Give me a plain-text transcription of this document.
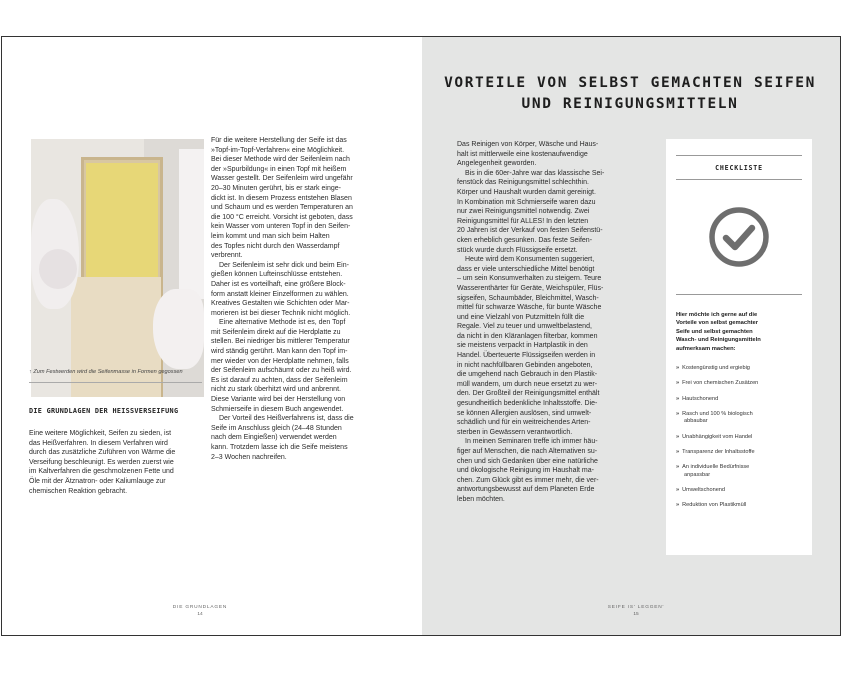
↑ Zum Festwerden wird die Seifenmasse in Formen gegossen
DIE GRUNDLAGEN DER HEISSVERSEIFUNG
Eine weitere Möglichkeit, Seifen zu sieden, ist
das Heißverfahren. In diesem Verfahren wird
durch das zusätzliche Zuführen von Wärme die
Verseifung beschleunigt. Es werden zuerst wie
im Kaltverfahren die geschmolzenen Fette und
Öle mit der Ätznatron- oder Kaliumlauge zur
chemischen Reaktion gebracht.
Für die weitere Herstellung der Seife ist das
»Topf-im-Topf-Verfahren« eine Möglichkeit.
Bei dieser Methode wird der Seifenleim nach
der »Spurbildung« in einen Topf mit heißem
Wasser gestellt. Der Seifenleim wird ungefähr
20–30 Minuten gerührt, bis er stark einge-
dickt ist. In diesem Prozess entstehen Blasen
und Schaum und es werden Temperaturen an
die 100 °C erreicht. Vorsicht ist geboten, dass
kein Wasser vom unteren Topf in den Seifen-
leim kommt und man sich beim Halten
des Topfes nicht durch den Wasserdampf
verbrennt.
Der Seifenleim ist sehr dick und beim Ein-
gießen können Lufteinschlüsse entstehen.
Daher ist es vorteilhaft, eine größere Block-
form anstatt kleiner Einzelformen zu wählen.
Kreatives Gestalten wie Schichten oder Mar-
morieren ist bei dieser Technik nicht möglich.
Eine alternative Methode ist es, den Topf
mit Seifenleim direkt auf die Herdplatte zu
stellen. Bei niedriger bis mittlerer Temperatur
wird ständig gerührt. Man kann den Topf im-
mer wieder von der Herdplatte nehmen, falls
der Seifenleim aufschäumt oder zu heiß wird.
Es ist darauf zu achten, dass der Seifenleim
nicht zu stark überhitzt wird und anbrennt.
Diese Variante wird bei der Herstellung von
Schmierseife in diesem Buch angewendet.
Der Vorteil des Heißverfahrens ist, dass die
Seife im Anschluss gleich (24–48 Stunden
nach dem Eingießen) verwendet werden
kann. Trotzdem lasse ich die Seife meistens
2–3 Wochen nachreifen.
DIE GRUNDLAGEN
14
VORTEILE VON SELBST GEMACHTEN SEIFEN
UND REINIGUNGSMITTELN
Das Reinigen von Körper, Wäsche und Haus-
halt ist mittlerweile eine kostenaufwendige
Angelegenheit geworden.
Bis in die 60er-Jahre war das klassische Sei-
fenstück das Reinigungsmittel schlechthin.
Körper und Haushalt wurden damit gereinigt.
In Kombination mit Schmierseife waren dazu
nur zwei Reinigungsmittel notwendig. Zwei
Reinigungsmittel für ALLES! In den letzten
20 Jahren ist der Verkauf von festen Seifenstü-
cken erheblich gesunken. Das feste Seifen-
stück wurde durch Flüssigseife ersetzt.
Heute wird dem Konsumenten suggeriert,
dass er viele unterschiedliche Mittel benötigt
– um sein Konsumverhalten zu steigern. Teure
Wasserenthärter für Geräte, Weichspüler, Flüs-
sigseifen, Schaumbäder, Bleichmittel, Wasch-
mittel für schwarze Wäsche, für bunte Wäsche
und eine Vielzahl von Putzmitteln füllt die
Regale. Viel zu teuer und umweltbelastend,
da nicht in den Kläranlagen filterbar, kommen
sie meistens verpackt in Hartplastik in den
Handel. Überteuerte Flüssigseifen werden in
in nicht nachfüllbaren Gebinden angeboten,
die umgehend nach Gebrauch in den Plastik-
müll wandern, um durch neue ersetzt zu wer-
den. Der Großteil der Reinigungsmittel enthält
gesundheitlich bedenkliche Inhaltsstoffe. Die-
se können Allergien auslösen, sind umwelt-
schädlich und für ein weitreichendes Arten-
sterben in Gewässern verantwortlich.
In meinen Seminaren treffe ich immer häu-
figer auf Menschen, die nach Alternativen su-
chen und sich Gedanken über eine natürliche
und ökologische Reinigung im Haushalt ma-
chen. Zum Glück gibt es immer mehr, die ver-
antwortungsbewusst auf dem Planeten Erde
leben möchten.
CHECKLISTE
Hier möchte ich gerne auf die
Vorteile von selbst gemachter
Seife und selbst gemachten
Wasch- und Reinigungsmitteln
aufmerksam machen:
» Kostengünstig und ergiebig
» Frei von chemischen Zusätzen
» Hautschonend
» Rasch und 100 % biologisch
abbaubar
» Unabhängigkeit vom Handel
» Transparenz der Inhaltsstoffe
» An individuelle Bedürfnisse
anpassbar
» Umweltschonend
» Reduktion von Plastikmüll
SEIFE IS' LEGGEN'
15
